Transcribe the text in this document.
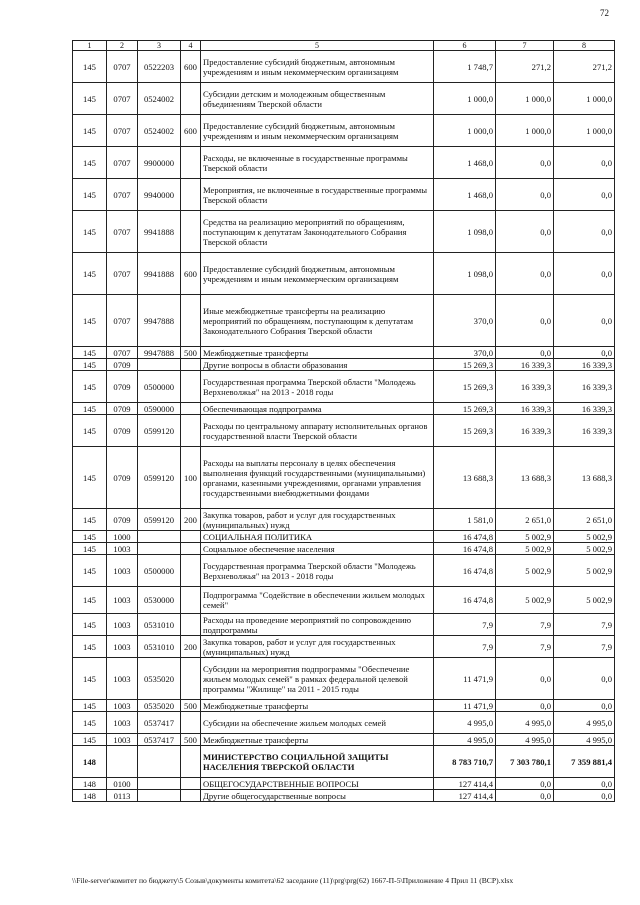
72
1	2	3	4	5	6	7	8
145	0707	0522203	600	Предоставление субсидий бюджетным, автономным учреждениям и иным некоммерческим организациям	1 748,7	271,2	271,2
145	0707	0524002		Субсидии детским и молодежным общественным объединениям Тверской области	1 000,0	1 000,0	1 000,0
145	0707	0524002	600	Предоставление субсидий бюджетным, автономным учреждениям и иным некоммерческим организациям	1 000,0	1 000,0	1 000,0
145	0707	9900000		Расходы, не включенные в государственные программы Тверской области	1 468,0	0,0	0,0
145	0707	9940000		Мероприятия, не включенные в государственные программы Тверской области	1 468,0	0,0	0,0
145	0707	9941888		Средства на реализацию мероприятий по обращениям, поступающим к депутатам Законодательного Собрания Тверской области	1 098,0	0,0	0,0
145	0707	9941888	600	Предоставление субсидий бюджетным, автономным учреждениям и иным некоммерческим организациям	1 098,0	0,0	0,0
145	0707	9947888		Иные межбюджетные трансферты на реализацию мероприятий по обращениям, поступающим к депутатам Законодательного Собрания Тверской области	370,0	0,0	0,0
145	0707	9947888	500	Межбюджетные трансферты	370,0	0,0	0,0
145	0709			Другие вопросы в области образования	15 269,3	16 339,3	16 339,3
145	0709	0500000		Государственная программа Тверской области "Молодежь Верхневолжья" на 2013 - 2018 годы	15 269,3	16 339,3	16 339,3
145	0709	0590000		Обеспечивающая подпрограмма	15 269,3	16 339,3	16 339,3
145	0709	0599120		Расходы по центральному аппарату исполнительных органов государственной власти Тверской области	15 269,3	16 339,3	16 339,3
145	0709	0599120	100	Расходы на выплаты персоналу в целях обеспечения выполнения функций государственными (муниципальными) органами, казенными учреждениями, органами управления государственными внебюджетными фондами	13 688,3	13 688,3	13 688,3
145	0709	0599120	200	Закупка товаров, работ и услуг для государственных (муниципальных) нужд	1 581,0	2 651,0	2 651,0
145	1000			СОЦИАЛЬНАЯ ПОЛИТИКА	16 474,8	5 002,9	5 002,9
145	1003			Социальное обеспечение населения	16 474,8	5 002,9	5 002,9
145	1003	0500000		Государственная программа Тверской области "Молодежь Верхневолжья" на 2013 - 2018 годы	16 474,8	5 002,9	5 002,9
145	1003	0530000		Подпрограмма "Содействие в обеспечении жильем молодых семей"	16 474,8	5 002,9	5 002,9
145	1003	0531010		Расходы на проведение мероприятий по сопровождению подпрограммы	7,9	7,9	7,9
145	1003	0531010	200	Закупка товаров, работ и услуг для государственных (муниципальных) нужд	7,9	7,9	7,9
145	1003	0535020		Субсидии на мероприятия подпрограммы "Обеспечение жильем молодых семей" в рамках федеральной целевой программы "Жилище" на 2011 - 2015 годы	11 471,9	0,0	0,0
145	1003	0535020	500	Межбюджетные трансферты	11 471,9	0,0	0,0
145	1003	0537417		Субсидии на обеспечение жильем молодых семей	4 995,0	4 995,0	4 995,0
145	1003	0537417	500	Межбюджетные трансферты	4 995,0	4 995,0	4 995,0
148				МИНИСТЕРСТВО СОЦИАЛЬНОЙ ЗАЩИТЫ НАСЕЛЕНИЯ ТВЕРСКОЙ ОБЛАСТИ	8 783 710,7	7 303 780,1	7 359 881,4
148	0100			ОБЩЕГОСУДАРСТВЕННЫЕ ВОПРОСЫ	127 414,4	0,0	0,0
148	0113			Другие общегосударственные вопросы	127 414,4	0,0	0,0
\\File-server\комитет по бюджету\5 Созыв\документы комитета\62 заседание (11)\prg\prg(62) 1667-П-5\Приложение 4 Прил 11 (ВСР).xlsx
